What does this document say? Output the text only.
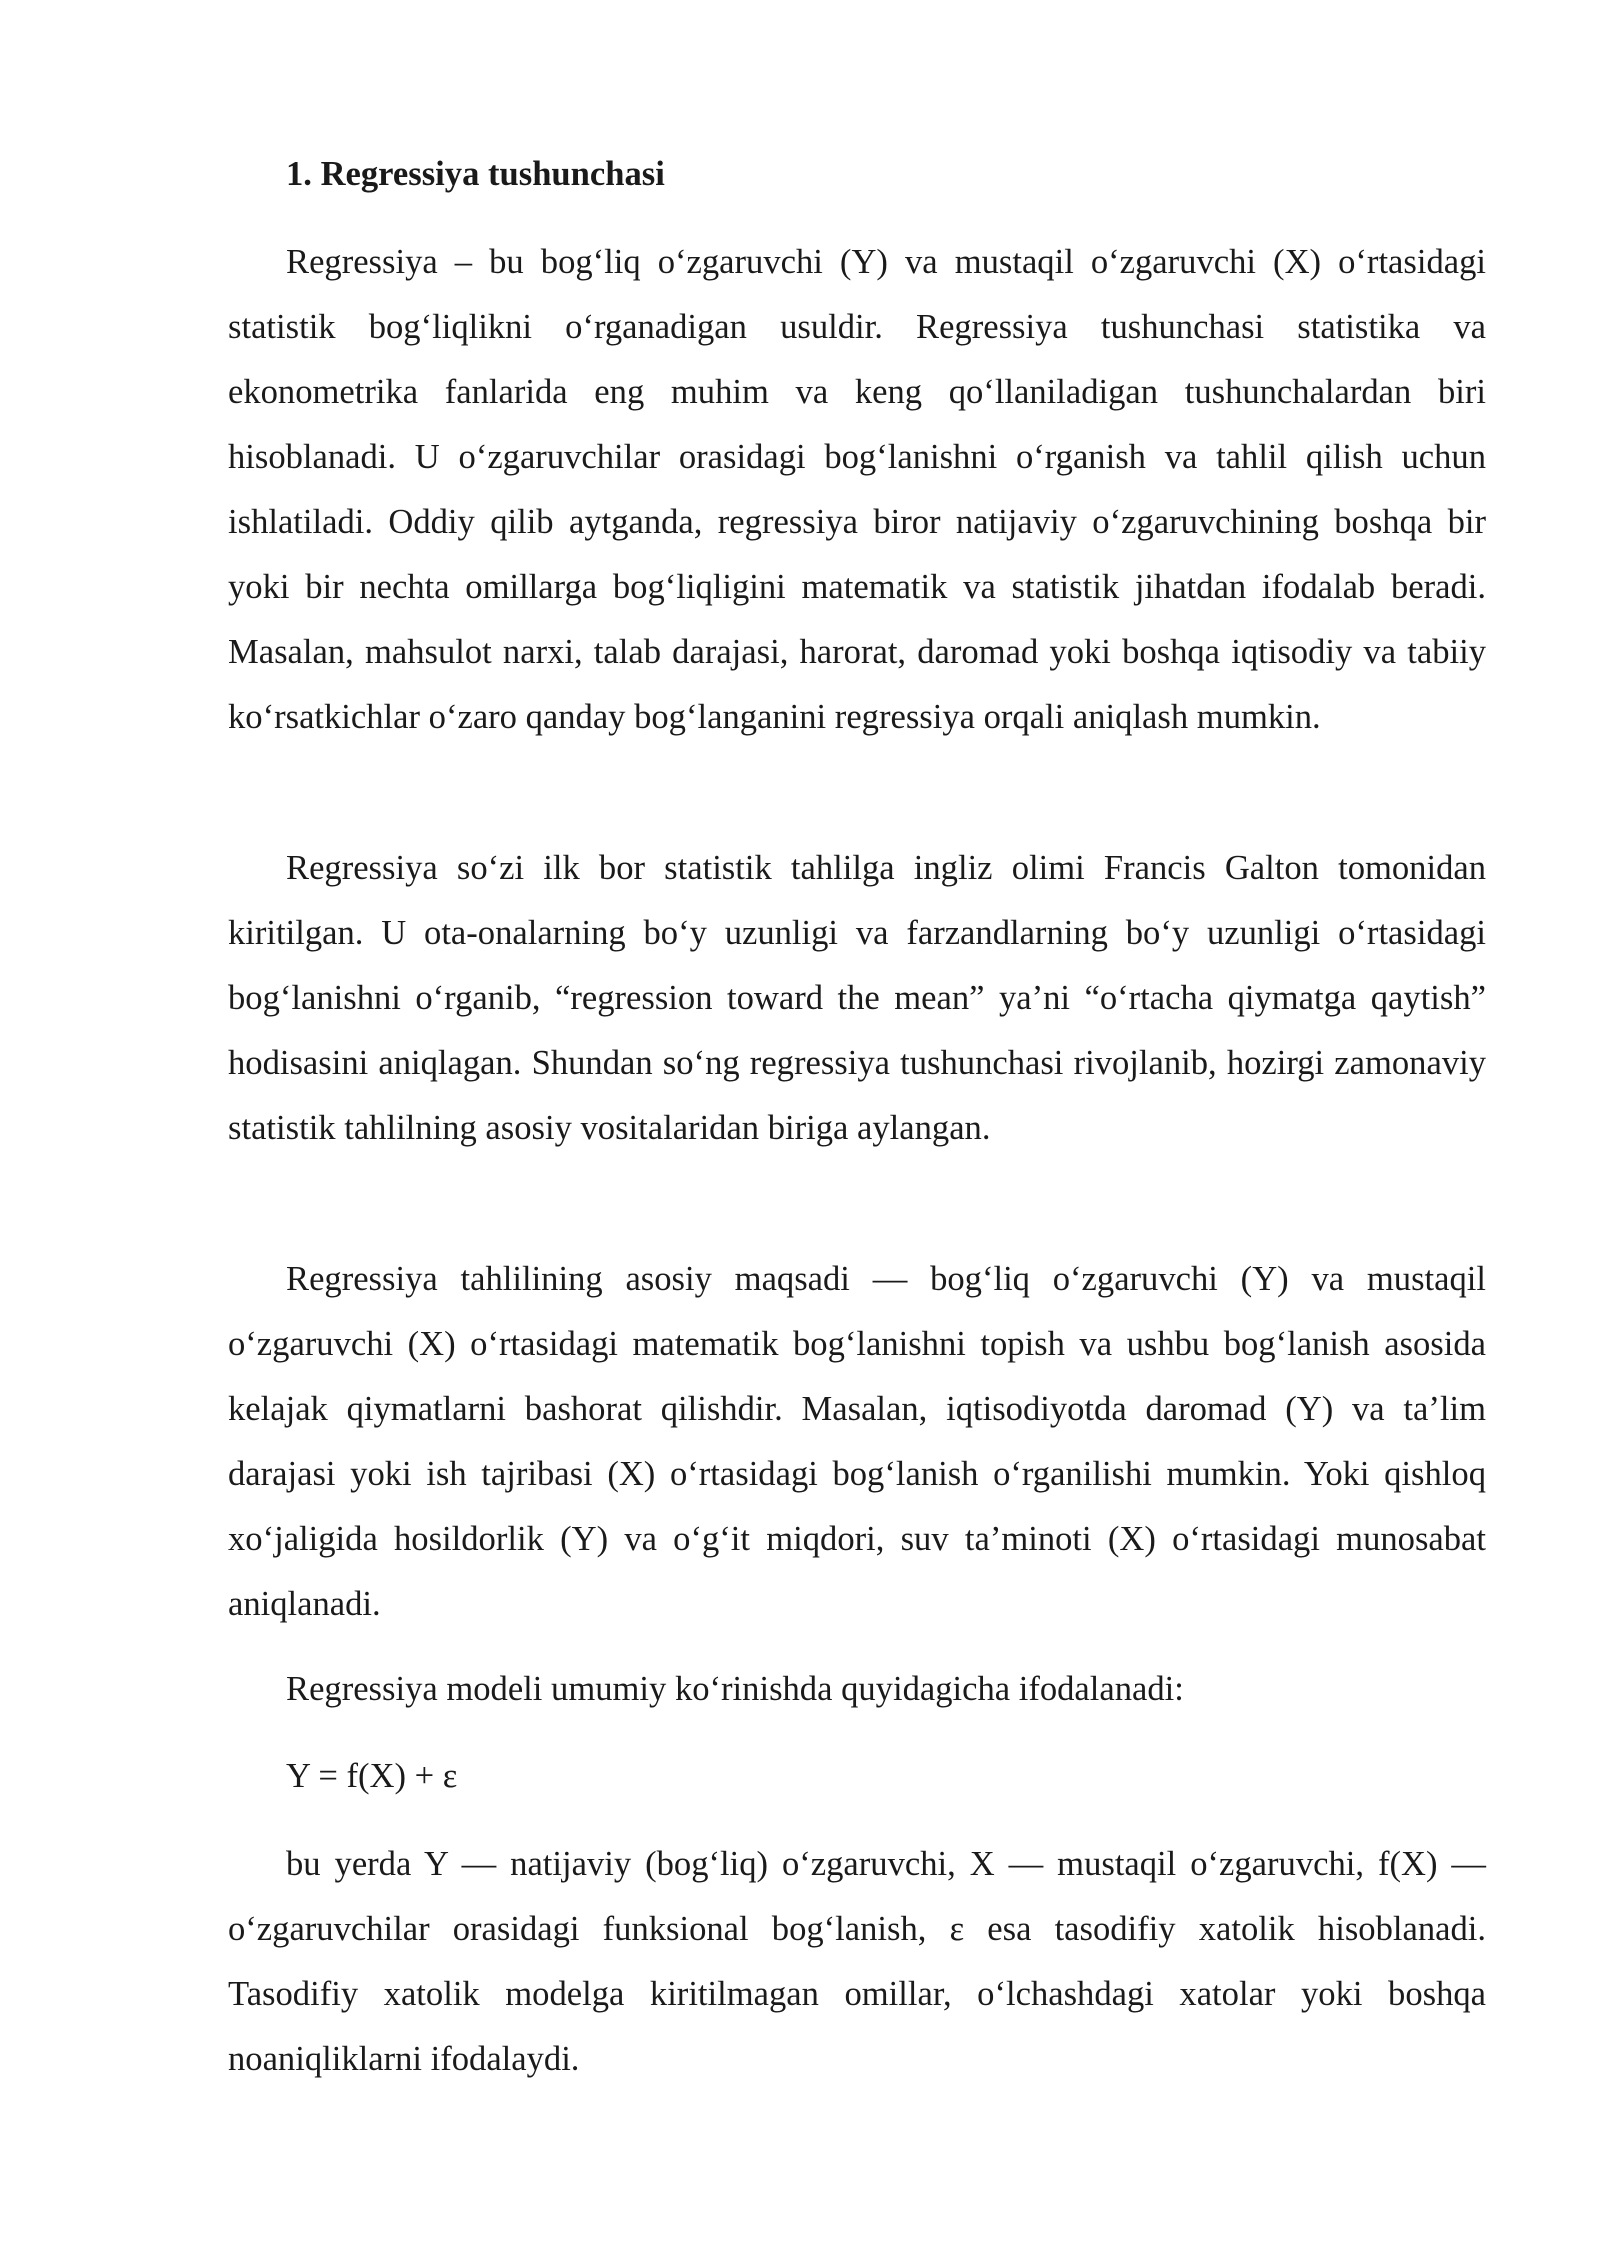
1. Regressiya tushunchasi

Regressiya – bu bog‘liq o‘zgaruvchi (Y) va mustaqil o‘zgaruvchi (X) o‘rtasidagi statistik bog‘liqlikni o‘rganadigan usuldir. Regressiya tushunchasi statistika va ekonometrika fanlarida eng muhim va keng qo‘llaniladigan tushunchalardan biri hisoblanadi. U o‘zgaruvchilar orasidagi bog‘lanishni o‘rganish va tahlil qilish uchun ishlatiladi. Oddiy qilib aytganda, regressiya biror natijaviy o‘zgaruvchining boshqa bir yoki bir nechta omillarga bog‘liqligini matematik va statistik jihatdan ifodalab beradi. Masalan, mahsulot narxi, talab darajasi, harorat, daromad yoki boshqa iqtisodiy va tabiiy ko‘rsatkichlar o‘zaro qanday bog‘langanini regressiya orqali aniqlash mumkin.

Regressiya so‘zi ilk bor statistik tahlilga ingliz olimi Francis Galton tomonidan kiritilgan. U ota-onalarning bo‘y uzunligi va farzandlarning bo‘y uzunligi o‘rtasidagi bog‘lanishni o‘rganib, “regression toward the mean” ya’ni “o‘rtacha qiymatga qaytish” hodisasini aniqlagan. Shundan so‘ng regressiya tushunchasi rivojlanib, hozirgi zamonaviy statistik tahlilning asosiy vositalaridan biriga aylangan.

Regressiya tahlilining asosiy maqsadi — bog‘liq o‘zgaruvchi (Y) va mustaqil o‘zgaruvchi (X) o‘rtasidagi matematik bog‘lanishni topish va ushbu bog‘lanish asosida kelajak qiymatlarni bashorat qilishdir. Masalan, iqtisodiyotda daromad (Y) va ta’lim darajasi yoki ish tajribasi (X) o‘rtasidagi bog‘lanish o‘rganilishi mumkin. Yoki qishloq xo‘jaligida hosildorlik (Y) va o‘g‘it miqdori, suv ta’minoti (X) o‘rtasidagi munosabat aniqlanadi.

Regressiya modeli umumiy ko‘rinishda quyidagicha ifodalanadi:

Y = f(X) + ε

bu yerda Y — natijaviy (bog‘liq) o‘zgaruvchi, X — mustaqil o‘zgaruvchi, f(X) — o‘zgaruvchilar orasidagi funksional bog‘lanish, ε esa tasodifiy xatolik hisoblanadi. Tasodifiy xatolik modelga kiritilmagan omillar, o‘lchashdagi xatolar yoki boshqa noaniqliklarni ifodalaydi.
